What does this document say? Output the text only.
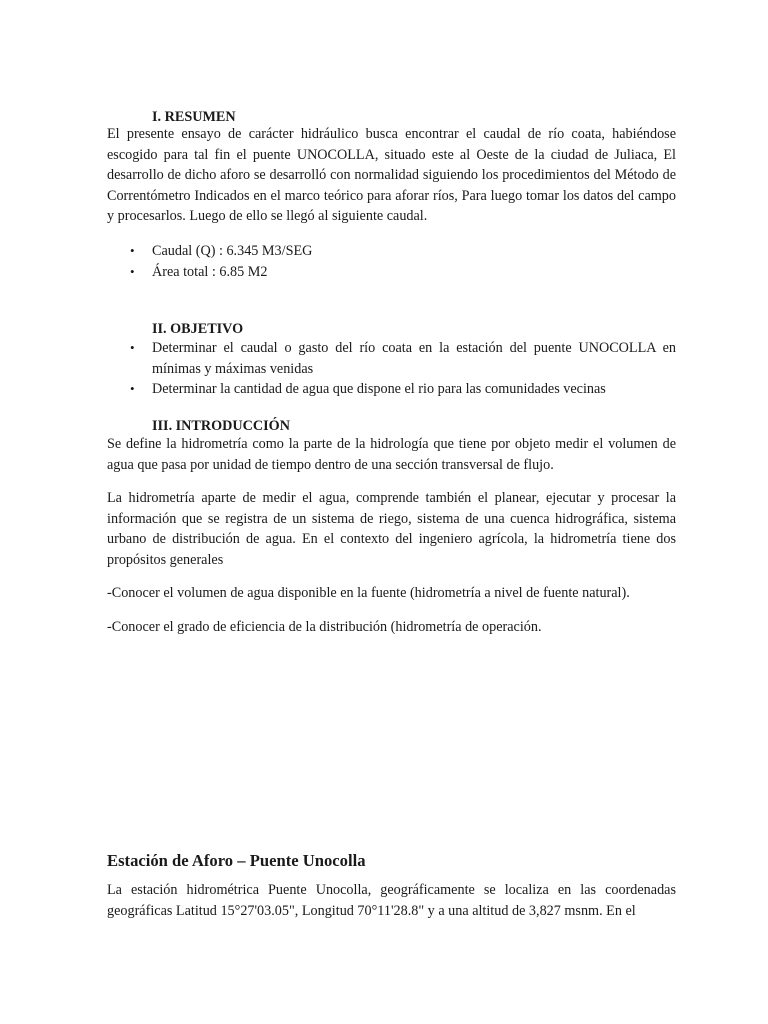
I. RESUMEN

El presente ensayo de carácter hidráulico busca encontrar el caudal de río coata, habiéndose escogido para tal fin el puente UNOCOLLA, situado este al Oeste de la ciudad de Juliaca, El desarrollo de dicho aforo se desarrolló con normalidad siguiendo los procedimientos del Método de Correntómetro Indicados en el marco teórico para aforar ríos, Para luego tomar los datos del campo y procesarlos. Luego de ello se llegó al siguiente caudal.

• Caudal (Q) : 6.345 M3/SEG
• Área total : 6.85 M2
II. OBJETIVO
• Determinar el caudal o gasto del río coata en la estación del puente UNOCOLLA en mínimas y máximas venidas
• Determinar la cantidad de agua que dispone el rio para las comunidades vecinas
III. INTRODUCCIÓN

Se define la hidrometría como la parte de la hidrología que tiene por objeto medir el volumen de agua que pasa por unidad de tiempo dentro de una sección transversal de flujo.

La hidrometría aparte de medir el agua, comprende también el planear, ejecutar y procesar la información que se registra de un sistema de riego, sistema de una cuenca hidrográfica, sistema urbano de distribución de agua. En el contexto del ingeniero agrícola, la hidrometría tiene dos propósitos generales

-Conocer el volumen de agua disponible en la fuente (hidrometría a nivel de fuente natural).

-Conocer el grado de eficiencia de la distribución (hidrometría de operación.

Estación de Aforo – Puente Unocolla

La estación hidrométrica Puente Unocolla, geográficamente se localiza en las coordenadas geográficas Latitud 15°27'03.05", Longitud 70°11'28.8" y a una altitud de 3,827 msnm. En el
